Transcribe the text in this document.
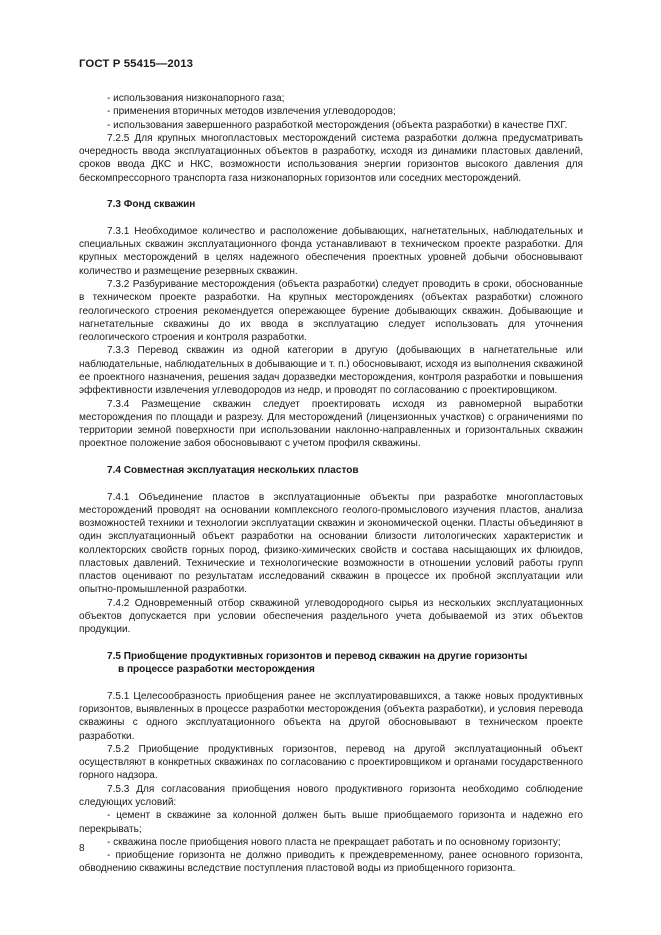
ГОСТ Р 55415—2013

- использования низконапорного газа;

- применения вторичных методов извлечения углеводородов;

- использования завершенного разработкой месторождения (объекта разработки) в качестве ПХГ.

7.2.5 Для крупных многопластовых месторождений система разработки должна предусматривать очередность ввода эксплуатационных объектов в разработку, исходя из динамики пластовых давлений, сроков ввода ДКС и НКС, возможности использования энергии горизонтов высокого давления для бескомпрессорного транспорта газа низконапорных горизонтов или соседних месторождений.

7.3 Фонд скважин

7.3.1 Необходимое количество и расположение добывающих, нагнетательных, наблюдательных и специальных скважин эксплуатационного фонда устанавливают в техническом проекте разработки. Для крупных месторождений в целях надежного обеспечения проектных уровней добычи обосновывают количество и размещение резервных скважин.

7.3.2 Разбуривание месторождения (объекта разработки) следует проводить в сроки, обоснованные в техническом проекте разработки. На крупных месторождениях (объектах разработки) сложного геологического строения рекомендуется опережающее бурение добывающих скважин. Добывающие и нагнетательные скважины до их ввода в эксплуатацию следует использовать для уточнения геологического строения и контроля разработки.

7.3.3 Перевод скважин из одной категории в другую (добывающих в нагнетательные или наблюдательные, наблюдательных в добывающие и т. п.) обосновывают, исходя из выполнения скважиной ее проектного назначения, решения задач доразведки месторождения, контроля разработки и повышения эффективности извлечения углеводородов из недр, и проводят по согласованию с проектировщиком.

7.3.4 Размещение скважин следует проектировать исходя из равномерной выработки месторождения по площади и разрезу. Для месторождений (лицензионных участков) с ограничениями по территории земной поверхности при использовании наклонно-направленных и горизонтальных скважин проектное положение забоя обосновывают с учетом профиля скважины.

7.4 Совместная эксплуатация нескольких пластов

7.4.1 Объединение пластов в эксплуатационные объекты при разработке многопластовых месторождений проводят на основании комплексного геолого-промыслового изучения пластов, анализа возможностей техники и технологии эксплуатации скважин и экономической оценки. Пласты объединяют в один эксплуатационный объект разработки на основании близости литологических характеристик и коллекторских свойств горных пород, физико-химических свойств и состава насыщающих их флюидов, пластовых давлений. Технические и технологические возможности в отношении условий работы групп пластов оценивают по результатам исследований скважин в процессе их пробной эксплуатации или опытно-промышленной разработки.

7.4.2 Одновременный отбор скважиной углеводородного сырья из нескольких эксплуатационных объектов допускается при условии обеспечения раздельного учета добываемой из этих объектов продукции.

7.5 Приобщение продуктивных горизонтов и перевод скважин на другие горизонты
в процессе разработки месторождения

7.5.1 Целесообразность приобщения ранее не эксплуатировавшихся, а также новых продуктивных горизонтов, выявленных в процессе разработки месторождения (объекта разработки), и условия перевода скважины с одного эксплуатационного объекта на другой обосновывают в техническом проекте разработки.

7.5.2 Приобщение продуктивных горизонтов, перевод на другой эксплуатационный объект осуществляют в конкретных скважинах по согласованию с проектировщиком и органами государственного горного надзора.

7.5.3 Для согласования приобщения нового продуктивного горизонта необходимо соблюдение следующих условий:

- цемент в скважине за колонной должен быть выше приобщаемого горизонта и надежно его перекрывать;

- скважина после приобщения нового пласта не прекращает работать и по основному горизонту;

- приобщение горизонта не должно приводить к преждевременному, ранее основного горизонта, обводнению скважины вследствие поступления пластовой воды из приобщенного горизонта.

8
